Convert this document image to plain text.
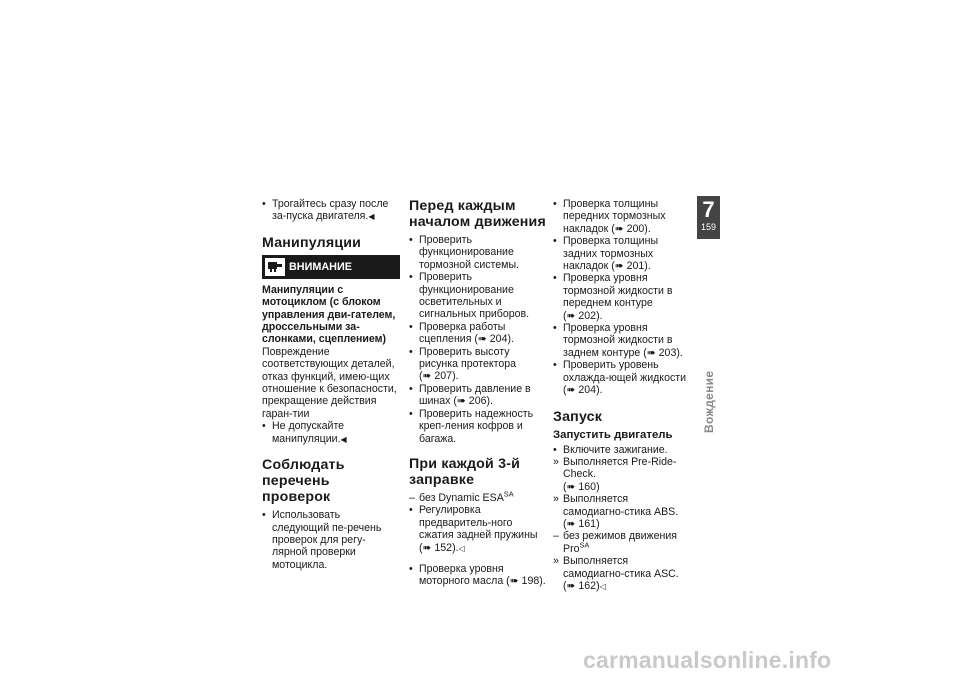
• Трогайтесь сразу после за-пуска двигателя.◀
Манипуляции
ВНИМАНИЕ
Манипуляции с мотоциклом (с блоком управления дви-гателем, дроссельными за-слонками, сцеплением)
Повреждение соответствующих деталей, отказ функций, имею-щих отношение к безопасности, прекращение действия гаран-тии
• Не допускайте манипуляции.◀
Соблюдать перечень проверок
• Использовать следующий пе-речень проверок для регу-лярной проверки мотоцикла.
Перед каждым началом движения
• Проверить функционирование тормозной системы.
• Проверить функционирование осветительных и сигнальных приборов.
• Проверка работы сцепления (➠ 204).
• Проверить высоту рисунка протектора (➠ 207).
• Проверить давление в шинах (➠ 206).
• Проверить надежность креп-ления кофров и багажа.
При каждой 3-й заправке
– без Dynamic $ESA^{SA}$
• Регулировка предваритель-ного сжатия задней пружины (➠ 152).◁
• Проверка уровня моторного масла (➠ 198).
• Проверка толщины передних тормозных накладок (➠ 200).
• Проверка толщины задних тормозных накладок (➠ 201).
• Проверка уровня тормозной жидкости в переднем контуре (➠ 202).
• Проверка уровня тормозной жидкости в заднем контуре (➠ 203).
• Проверить уровень охлажда-ющей жидкости (➠ 204).
Запуск
Запустить двигатель
• Включите зажигание.
» Выполняется Pre-Ride-Check.
(➠ 160)
» Выполняется самодиагно-стика ABS. (➠ 161)
– без режимов движения Pro$^{SA}$
» Выполняется самодиагно-стика ASC. (➠ 162)◁
7
159
Вождение
carmanualsonline.info
